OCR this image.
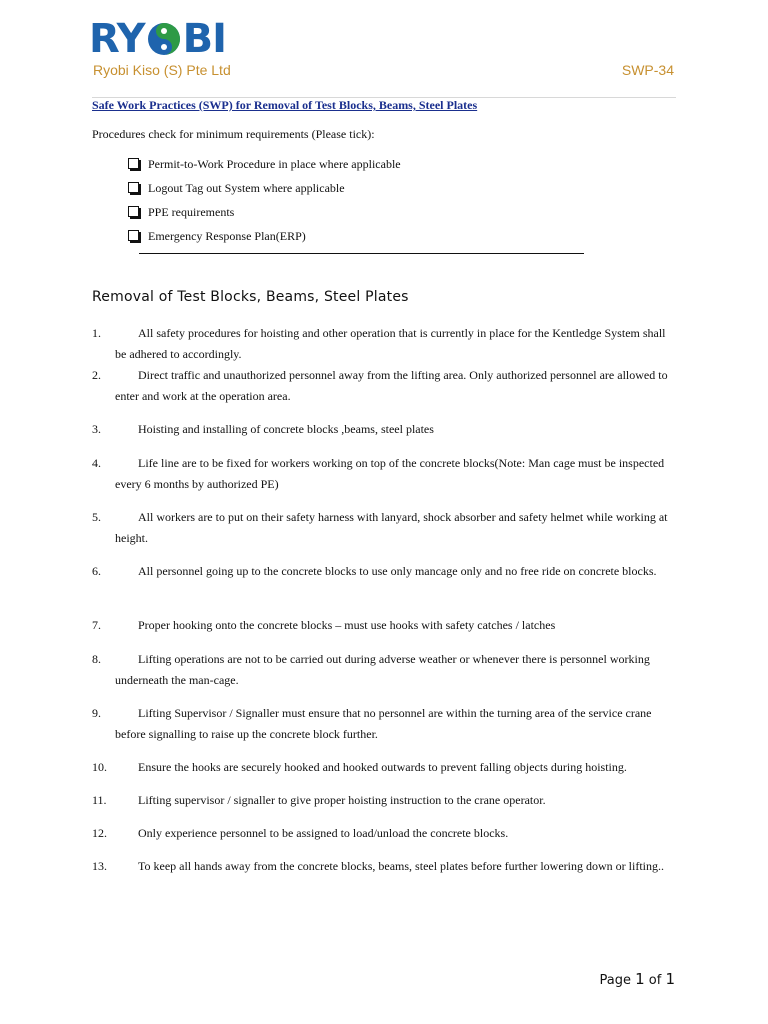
RY BI
Ryobi Kiso (S) Pte Ltd	SWP-34
Safe Work Practices (SWP) for Removal of Test Blocks, Beams, Steel Plates
Procedures check for minimum requirements (Please tick):
Permit-to-Work Procedure in place where applicable
Logout Tag out System where applicable
PPE requirements
Emergency Response Plan(ERP)
Removal of Test Blocks, Beams, Steel Plates
1.	All safety procedures for hoisting and other operation that is currently in place for the Kentledge System shall be adhered to accordingly.
2.	Direct traffic and unauthorized personnel away from the lifting area. Only authorized personnel are allowed to enter and work at the operation area.
3.	Hoisting and installing of concrete blocks ,beams, steel plates
4.	Life line are to be fixed for workers working on top of the concrete blocks(Note: Man cage must be inspected every 6 months by authorized PE)
5.	All workers are to put on their safety harness with lanyard, shock absorber and safety helmet while working at height.
6.	All personnel going up to the concrete blocks to use only mancage only and no free ride on concrete blocks.
7.	Proper hooking onto the concrete blocks – must use hooks with safety catches / latches
8.	Lifting operations are not to be carried out during adverse weather or whenever there is personnel working underneath the man-cage.
9.	Lifting Supervisor / Signaller must ensure that no personnel are within the turning area of the service crane before signalling to raise up the concrete block further.
10.	Ensure the hooks are securely hooked and hooked outwards to prevent falling objects during hoisting.
11.	Lifting supervisor / signaller to give proper hoisting instruction to the crane operator.
12.	Only experience personnel to be assigned to load/unload the concrete blocks.
13.	To keep all hands away from the concrete blocks, beams, steel plates before further lowering down or lifting..
Page 1 of 1
